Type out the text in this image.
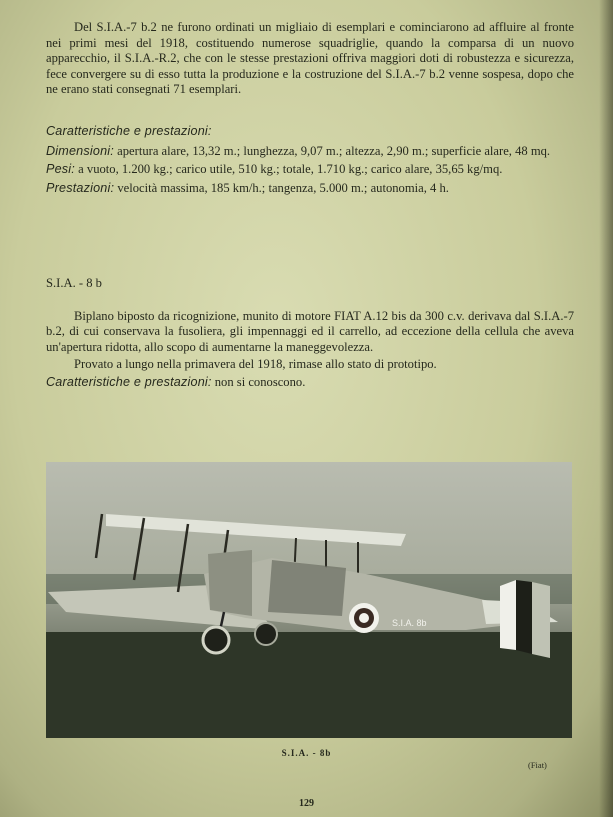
Del S.I.A.-7 b.2 ne furono ordinati un migliaio di esemplari e cominciarono ad affluire al fronte nei primi mesi del 1918, costituendo numerose squadriglie, quando la comparsa di un nuovo apparecchio, il S.I.A.-R.2, che con le stesse prestazioni offriva maggiori doti di robustezza e sicurezza, fece convergere su di esso tutta la produzione e la costruzione del S.I.A.-7 b.2 venne sospesa, dopo che ne erano stati consegnati 71 esemplari.

Caratteristiche e prestazioni:

Dimensioni: apertura alare, 13,32 m.; lunghezza, 9,07 m.; altezza, 2,90 m.; superficie alare, 48 mq.

Pesi: a vuoto, 1.200 kg.; carico utile, 510 kg.; totale, 1.710 kg.; carico alare, 35,65 kg/mq.

Prestazioni: velocità massima, 185 km/h.; tangenza, 5.000 m.; autonomia, 4 h.

S.I.A. - 8 b

Biplano biposto da ricognizione, munito di motore FIAT A.12 bis da 300 c.v. derivava dal S.I.A.-7 b.2, di cui conservava la fusoliera, gli impennaggi ed il carrello, ad eccezione della cellula che aveva un'apertura ridotta, allo scopo di aumentarne la maneggevolezza.

Provato a lungo nella primavera del 1918, rimase allo stato di prototipo.

Caratteristiche e prestazioni: non si conoscono.

S.I.A. 8b
S.I.A. - 8b
(Fiat)
129
